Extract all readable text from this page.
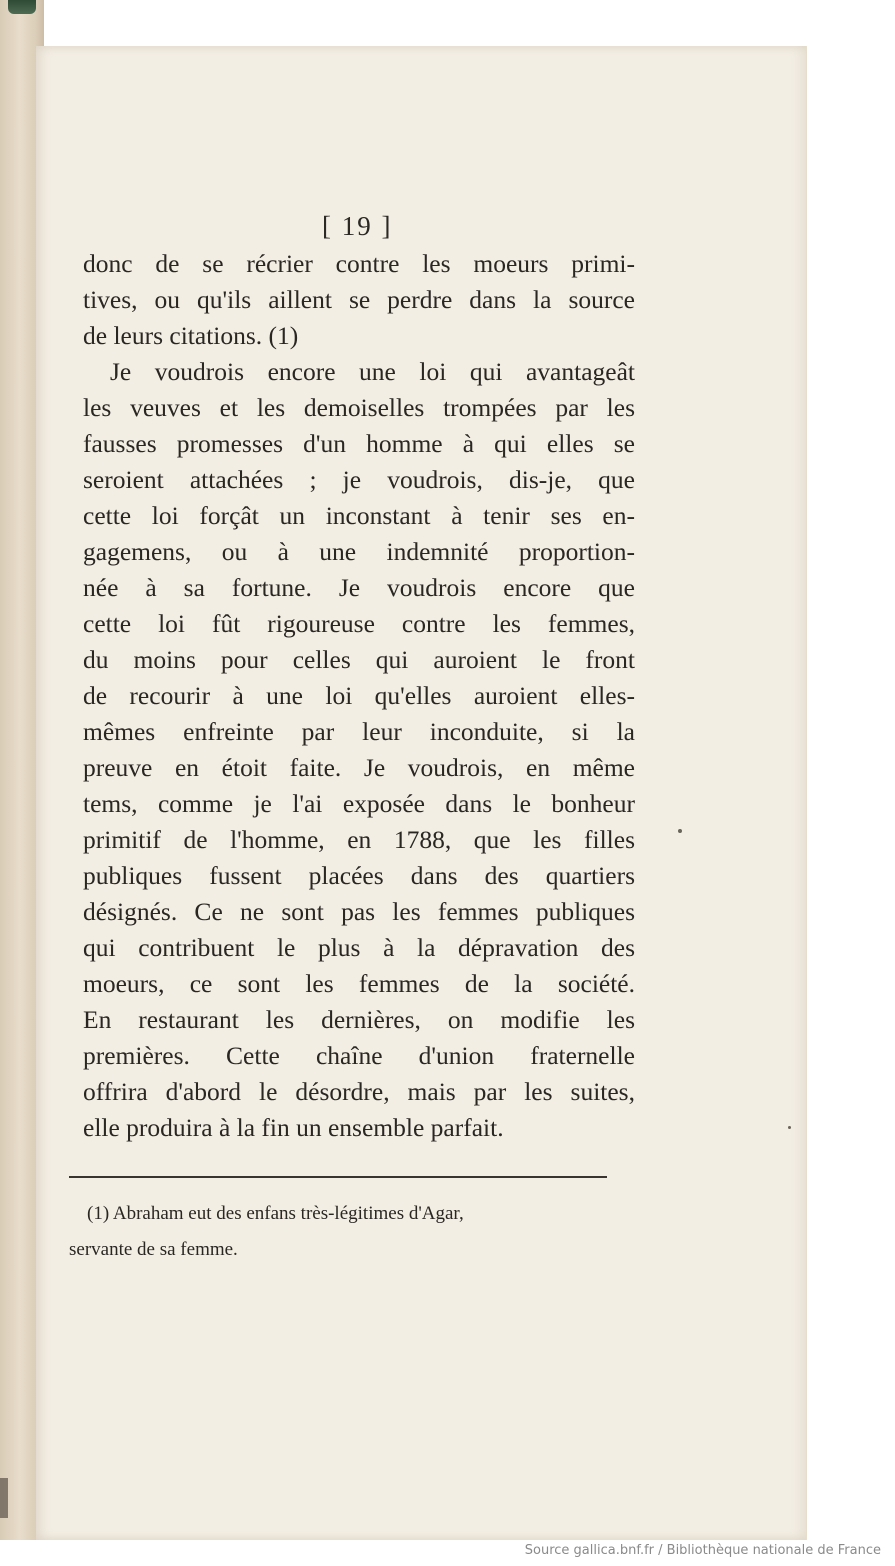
[ 19 ]
donc de se récrier contre les moeurs primi-
tives, ou qu'ils aillent se perdre dans la source
de leurs citations. (1)
Je voudrois encore une loi qui avantageât
les veuves et les demoiselles trompées par les
fausses promesses d'un homme à qui elles se
seroient attachées ; je voudrois, dis-je, que
cette loi forçât un inconstant à tenir ses en-
gagemens, ou à une indemnité proportion-
née à sa fortune. Je voudrois encore que
cette loi fût rigoureuse contre les femmes,
du moins pour celles qui auroient le front
de recourir à une loi qu'elles auroient elles-
mêmes enfreinte par leur inconduite, si la
preuve en étoit faite. Je voudrois, en même
tems, comme je l'ai exposée dans le bonheur
primitif de l'homme, en 1788, que les filles
publiques fussent placées dans des quartiers
désignés. Ce ne sont pas les femmes publiques
qui contribuent le plus à la dépravation des
moeurs, ce sont les femmes de la société.
En restaurant les dernières, on modifie les
premières. Cette chaîne d'union fraternelle
offrira d'abord le désordre, mais par les suites,
elle produira à la fin un ensemble parfait.
(1) Abraham eut des enfans très-légitimes d'Agar,
servante de sa femme.
Source gallica.bnf.fr / Bibliothèque nationale de France
